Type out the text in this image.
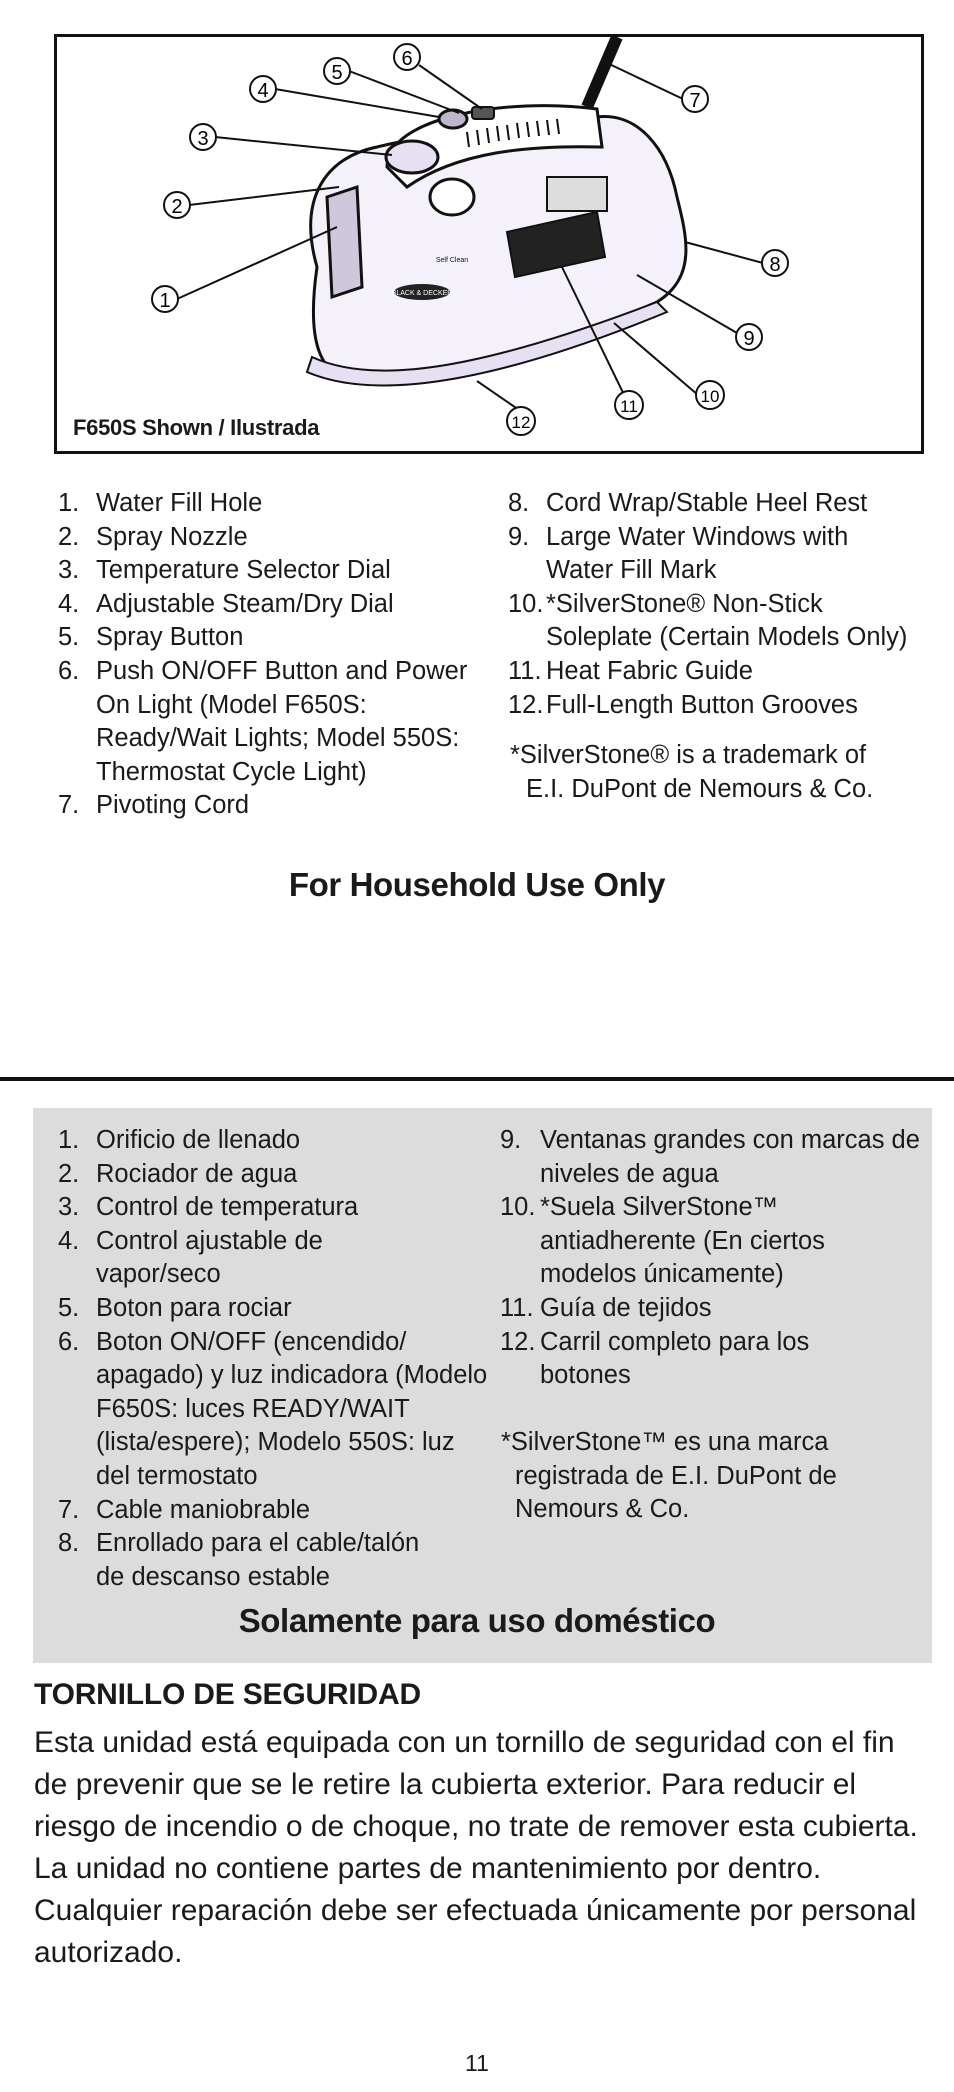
BLACK & DECKER
Self Clean
1
2
3
4
5
6
7
8
9
10
11
12
F650S Shown / Ilustrada
1. Water Fill Hole
2. Spray Nozzle
3. Temperature Selector Dial
4. Adjustable Steam/Dry Dial
5. Spray Button
6. Push ON/OFF Button and Power On Light (Model F650S: Ready/Wait Lights; Model 550S: Thermostat Cycle Light)
7. Pivoting Cord
8. Cord Wrap/Stable Heel Rest
9. Large Water Windows with Water Fill Mark
10. *SilverStone® Non-Stick Soleplate (Certain Models Only)
11. Heat Fabric Guide
12. Full-Length Button Grooves
*SilverStone® is a trademark of
E.I. DuPont de Nemours & Co.
For Household Use Only
1. Orificio de llenado
2. Rociador de agua
3. Control de temperatura
4. Control ajustable de vapor/seco
5. Boton para rociar
6. Boton ON/OFF (encendido/ apagado) y luz indicadora (Modelo F650S: luces READY/WAIT (lista/espere); Modelo 550S: luz del termostato
7. Cable maniobrable
8. Enrollado para el cable/talón de descanso estable
9. Ventanas grandes con marcas de niveles de agua
10. *Suela SilverStone™ antiadherente (En ciertos modelos únicamente)
11. Guía de tejidos
12. Carril completo para los botones
*SilverStone™ es una marca
registrada de E.I. DuPont de
Nemours & Co.
Solamente para uso doméstico
TORNILLO DE SEGURIDAD

Esta unidad está equipada con un tornillo de seguridad con el fin de prevenir que se le retire la cubierta exterior. Para reducir el riesgo de incendio o de choque, no trate de remover esta cubierta. La unidad no contiene partes de mantenimiento por dentro. Cualquier reparación debe ser efectuada únicamente por personal autorizado.

11
